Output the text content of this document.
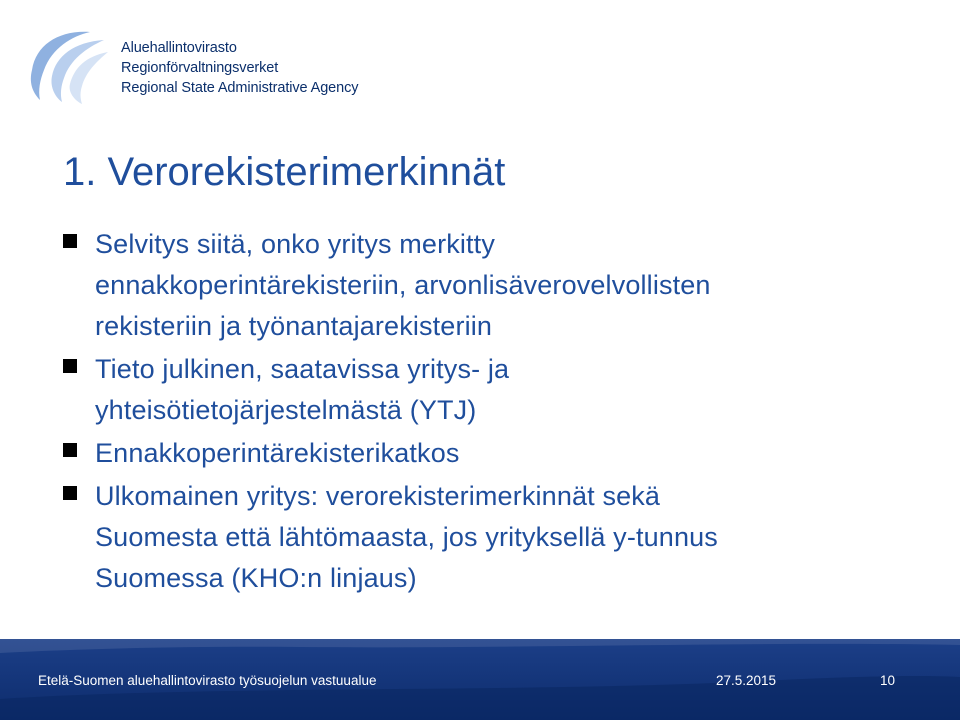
Aluehallintovirasto
Regionförvaltningsverket
Regional State Administrative Agency
1. Verorekisterimerkinnät
Selvitys siitä, onko yritys merkitty
ennakkoperintärekisteriin, arvonlisäverovelvollisten
rekisteriin ja työnantajarekisteriin
Tieto julkinen, saatavissa yritys- ja
yhteisötietojärjestelmästä (YTJ)
Ennakkoperintärekisterikatkos
Ulkomainen yritys: verorekisterimerkinnät sekä
Suomesta että lähtömaasta, jos yrityksellä y-tunnus
Suomessa (KHO:n linjaus)
Etelä-Suomen aluehallintovirasto työsuojelun vastuualue	27.5.2015	10
